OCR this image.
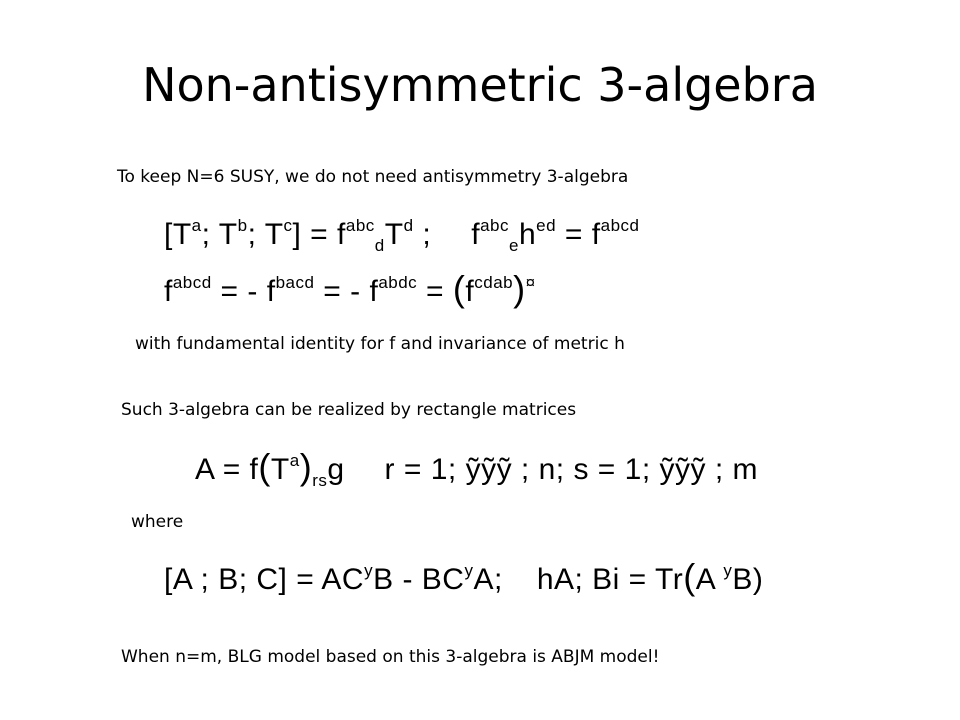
Non-antisymmetric 3-algebra
To keep N=6 SUSY, we do not need antisymmetry 3-algebra
[$T^a$; $T^b$; $T^c] = f^{abc}_dT^d$ ; $f^{abc}_eh^{ed} = f^{abcd}$
$f^{abcd}$ = - $f^{bacd}$ = - $f^{abdc} = (f^{cdab})^¤$
with fundamental identity for f and invariance of metric h
Such 3-algebra can be realized by rectangle matrices
$A = f(T^a)_{rs}g$ r = 1; ỹỹỹ ; n; s = 1; ỹỹỹ ; m
where
[A ; B; $C] = AC^yB - BC^yA$; hA; Bi = Tr(A $^y$B)
When n=m, BLG model based on this 3-algebra is ABJM model!
